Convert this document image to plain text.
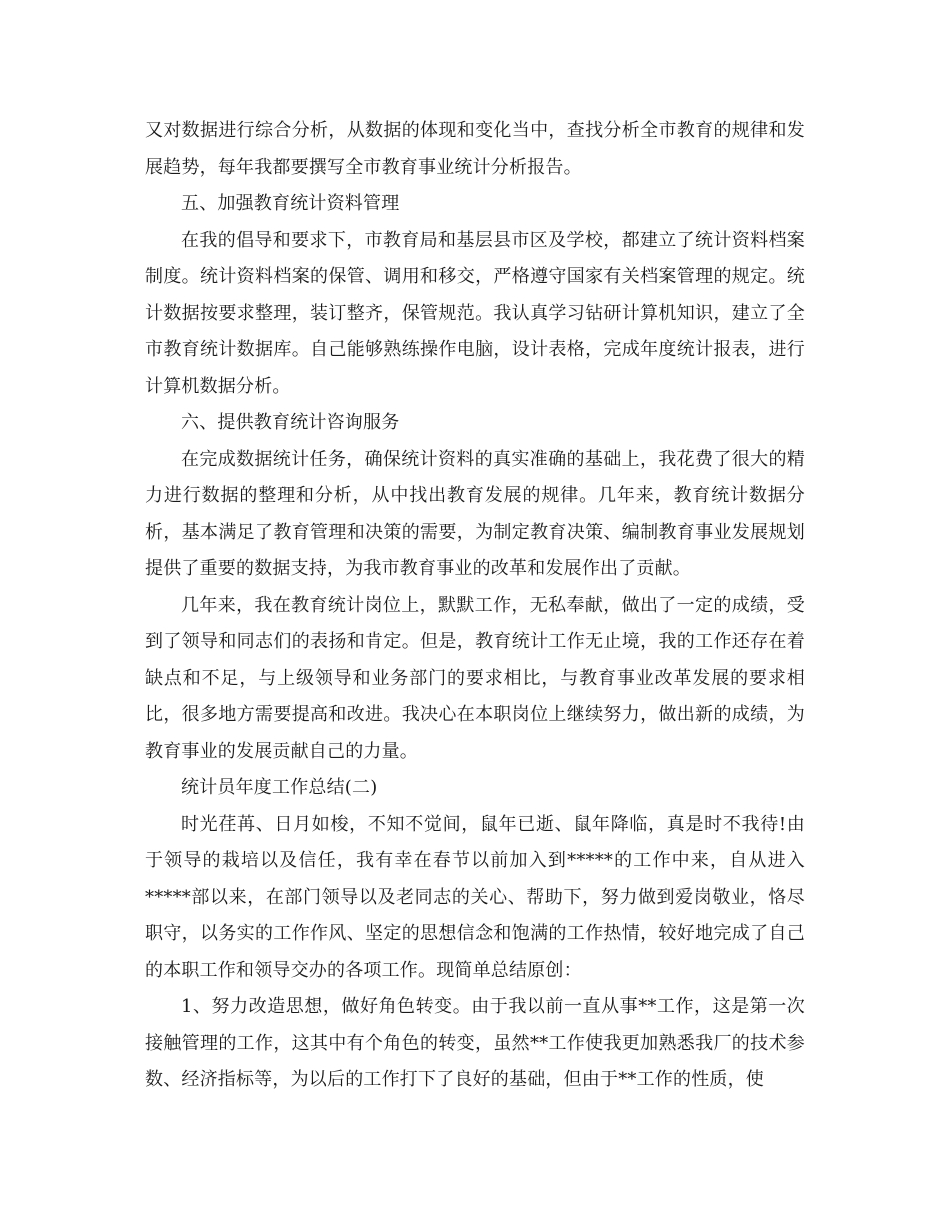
又对数据进行综合分析，从数据的体现和变化当中，查找分析全市教育的规律和发展趋势，每年我都要撰写全市教育事业统计分析报告。

五、加强教育统计资料管理

在我的倡导和要求下，市教育局和基层县市区及学校，都建立了统计资料档案制度。统计资料档案的保管、调用和移交，严格遵守国家有关档案管理的规定。统计数据按要求整理，装订整齐，保管规范。我认真学习钻研计算机知识，建立了全市教育统计数据库。自己能够熟练操作电脑，设计表格，完成年度统计报表，进行计算机数据分析。

六、提供教育统计咨询服务

在完成数据统计任务，确保统计资料的真实准确的基础上，我花费了很大的精力进行数据的整理和分析，从中找出教育发展的规律。几年来，教育统计数据分析，基本满足了教育管理和决策的需要，为制定教育决策、编制教育事业发展规划提供了重要的数据支持，为我市教育事业的改革和发展作出了贡献。

几年来，我在教育统计岗位上，默默工作，无私奉献，做出了一定的成绩，受到了领导和同志们的表扬和肯定。但是，教育统计工作无止境，我的工作还存在着缺点和不足，与上级领导和业务部门的要求相比，与教育事业改革发展的要求相比，很多地方需要提高和改进。我决心在本职岗位上继续努力，做出新的成绩，为教育事业的发展贡献自己的力量。

统计员年度工作总结(二)

时光荏苒、日月如梭，不知不觉间，鼠年已逝、鼠年降临，真是时不我待!由于领导的栽培以及信任，我有幸在春节以前加入到*****的工作中来，自从进入*****部以来，在部门领导以及老同志的关心、帮助下，努力做到爱岗敬业，恪尽职守，以务实的工作作风、坚定的思想信念和饱满的工作热情，较好地完成了自己的本职工作和领导交办的各项工作。现简单总结原创：

1、努力改造思想，做好角色转变。由于我以前一直从事**工作，这是第一次接触管理的工作，这其中有个角色的转变，虽然**工作使我更加熟悉我厂的技术参数、经济指标等，为以后的工作打下了良好的基础，但由于**工作的性质，使
